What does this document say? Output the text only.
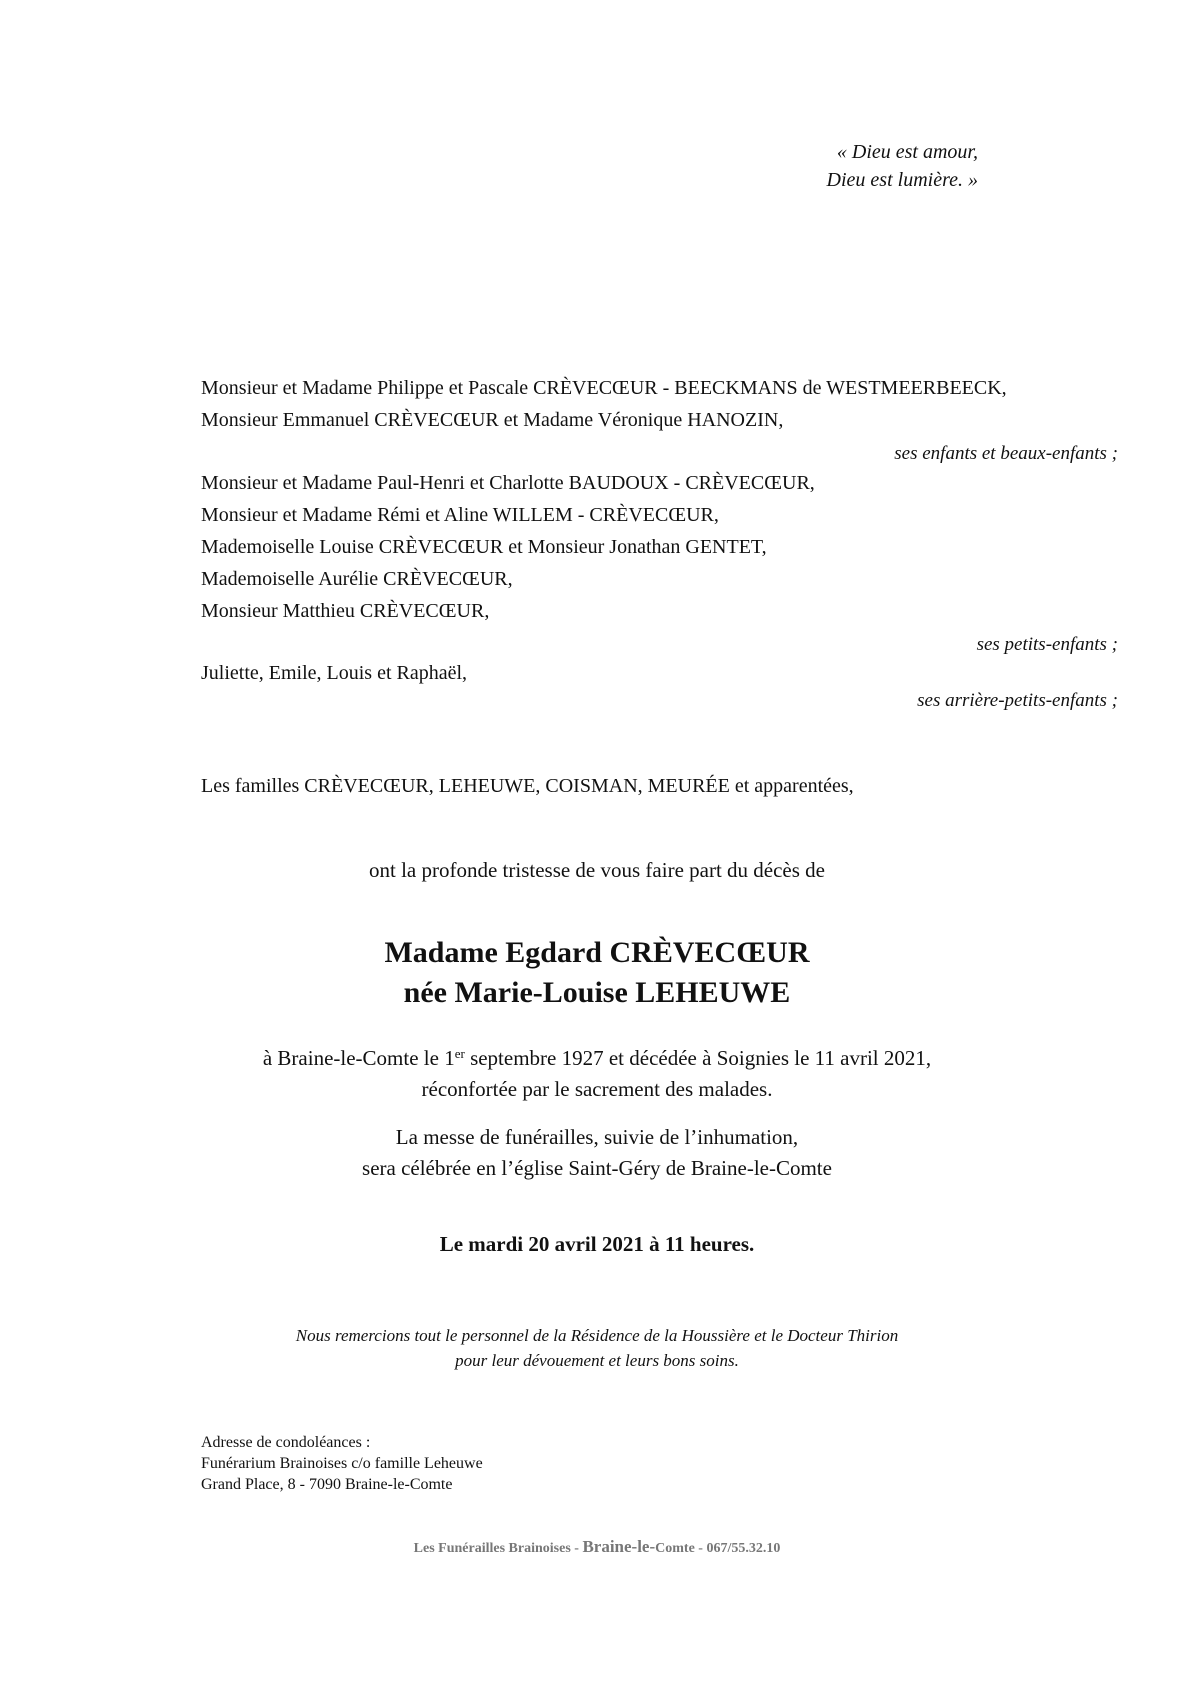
« Dieu est amour,
Dieu est lumière. »
Monsieur et Madame Philippe et Pascale CRÈVECŒUR - BEECKMANS de WESTMEERBEECK,
Monsieur Emmanuel CRÈVECŒUR et Madame Véronique HANOZIN,
ses enfants et beaux-enfants ;
Monsieur et Madame Paul-Henri et Charlotte BAUDOUX - CRÈVECŒUR,
Monsieur et Madame Rémi et Aline WILLEM - CRÈVECŒUR,
Mademoiselle Louise CRÈVECŒUR et Monsieur Jonathan GENTET,
Mademoiselle Aurélie CRÈVECŒUR,
Monsieur Matthieu CRÈVECŒUR,
ses petits-enfants ;
Juliette, Emile, Louis et Raphaël,
ses arrière-petits-enfants ;
Les familles CRÈVECŒUR, LEHEUWE, COISMAN, MEURÉE et apparentées,
ont la profonde tristesse de vous faire part du décès de
Madame Egdard CRÈVECŒUR
née Marie-Louise LEHEUWE
à Braine-le-Comte le 1er septembre 1927 et décédée à Soignies le 11 avril 2021,
réconfortée par le sacrement des malades.
La messe de funérailles, suivie de l’inhumation,
sera célébrée en l’église Saint-Géry de Braine-le-Comte
Le mardi 20 avril 2021 à 11 heures.
Nous remercions tout le personnel de la Résidence de la Houssière et le Docteur Thirion
pour leur dévouement et leurs bons soins.
Adresse de condoléances :
Funérarium Brainoises c/o famille Leheuwe
Grand Place, 8 - 7090 Braine-le-Comte
Les Funérailles Brainoises - Braine-le-Comte - 067/55.32.10
